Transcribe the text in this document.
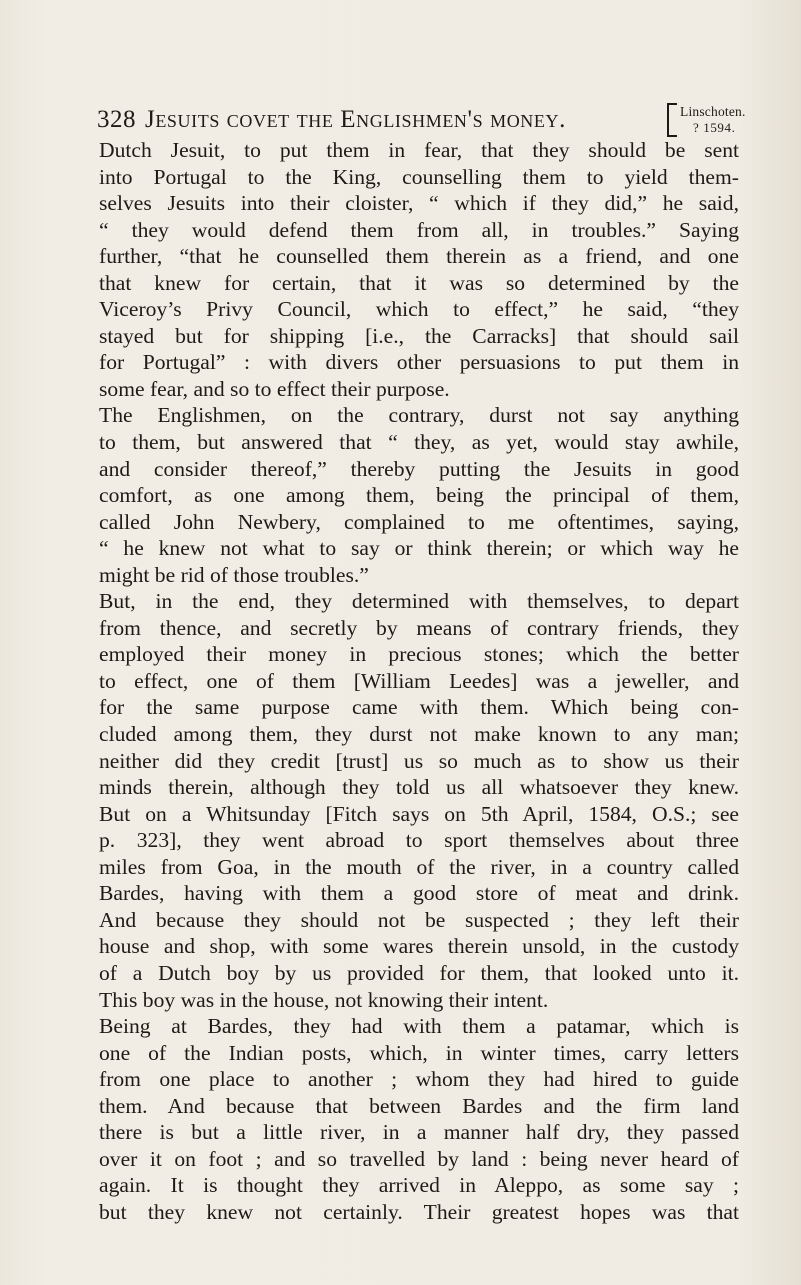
328 Jesuits covet the Englishmen's money.	Linschoten.
? 1594.
Dutch Jesuit, to put them in fear, that they should be sent
into Portugal to the King, counselling them to yield them-
selves Jesuits into their cloister, “ which if they did,” he said,
“ they would defend them from all, in troubles.” Saying
further, “that he counselled them therein as a friend, and one
that knew for certain, that it was so determined by the
Viceroy’s Privy Council, which to effect,” he said, “they
stayed but for shipping [i.e., the Carracks] that should sail
for Portugal” : with divers other persuasions to put them in
some fear, and so to effect their purpose.
The Englishmen, on the contrary, durst not say anything
to them, but answered that “ they, as yet, would stay awhile,
and consider thereof,” thereby putting the Jesuits in good
comfort, as one among them, being the principal of them,
called John Newbery, complained to me oftentimes, saying,
“ he knew not what to say or think therein; or which way he
might be rid of those troubles.”
But, in the end, they determined with themselves, to depart
from thence, and secretly by means of contrary friends, they
employed their money in precious stones; which the better
to effect, one of them [William Leedes] was a jeweller, and
for the same purpose came with them. Which being con-
cluded among them, they durst not make known to any man;
neither did they credit [trust] us so much as to show us their
minds therein, although they told us all whatsoever they knew.
But on a Whitsunday [Fitch says on 5th April, 1584, O.S.; see
p. 323], they went abroad to sport themselves about three
miles from Goa, in the mouth of the river, in a country called
Bardes, having with them a good store of meat and drink.
And because they should not be suspected ; they left their
house and shop, with some wares therein unsold, in the custody
of a Dutch boy by us provided for them, that looked unto it.
This boy was in the house, not knowing their intent.
Being at Bardes, they had with them a patamar, which is
one of the Indian posts, which, in winter times, carry letters
from one place to another ; whom they had hired to guide
them. And because that between Bardes and the firm land
there is but a little river, in a manner half dry, they passed
over it on foot ; and so travelled by land : being never heard of
again. It is thought they arrived in Aleppo, as some say ;
but they knew not certainly. Their greatest hopes was that
